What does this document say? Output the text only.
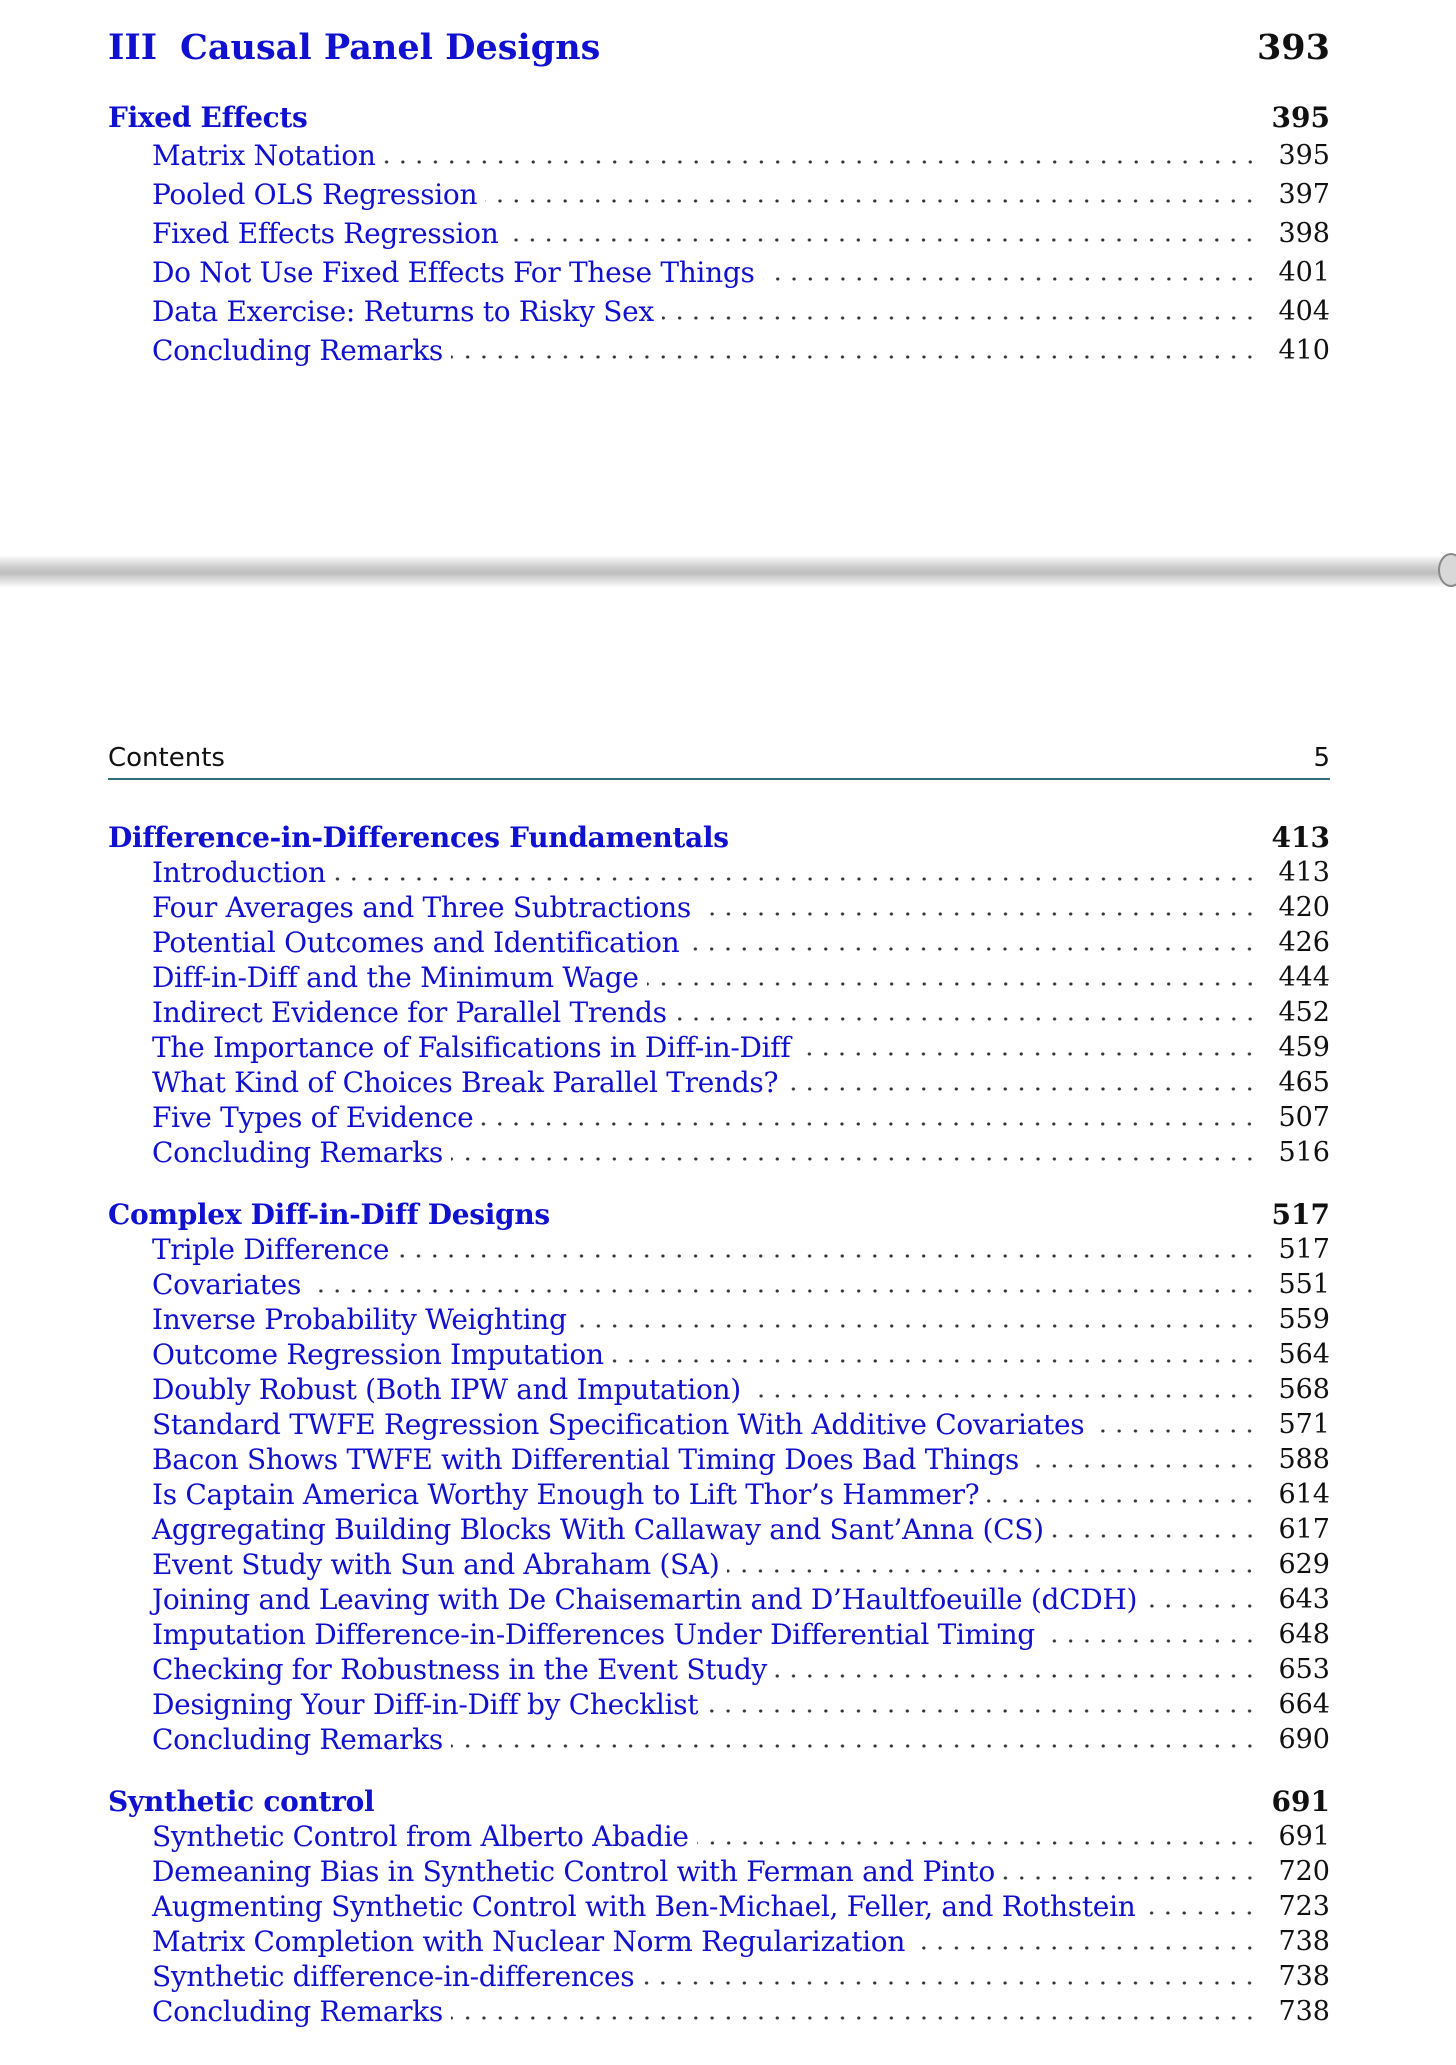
III Causal Panel Designs	393
Fixed Effects	395
Matrix Notation	395
Pooled OLS Regression	397
Fixed Effects Regression	398
Do Not Use Fixed Effects For These Things	401
Data Exercise: Returns to Risky Sex	404
Concluding Remarks	410
Contents	5
Difference-in-Differences Fundamentals	413
Introduction	413
Four Averages and Three Subtractions	420
Potential Outcomes and Identification	426
Diff-in-Diff and the Minimum Wage	444
Indirect Evidence for Parallel Trends	452
The Importance of Falsifications in Diff-in-Diff	459
What Kind of Choices Break Parallel Trends?	465
Five Types of Evidence	507
Concluding Remarks	516
Complex Diff-in-Diff Designs	517
Triple Difference	517
Covariates	551
Inverse Probability Weighting	559
Outcome Regression Imputation	564
Doubly Robust (Both IPW and Imputation)	568
Standard TWFE Regression Specification With Additive Covariates	571
Bacon Shows TWFE with Differential Timing Does Bad Things	588
Is Captain America Worthy Enough to Lift Thor’s Hammer?	614
Aggregating Building Blocks With Callaway and Sant’Anna (CS)	617
Event Study with Sun and Abraham (SA)	629
Joining and Leaving with De Chaisemartin and D’Haultfoeuille (dCDH)	643
Imputation Difference-in-Differences Under Differential Timing	648
Checking for Robustness in the Event Study	653
Designing Your Diff-in-Diff by Checklist	664
Concluding Remarks	690
Synthetic control	691
Synthetic Control from Alberto Abadie	691
Demeaning Bias in Synthetic Control with Ferman and Pinto	720
Augmenting Synthetic Control with Ben-Michael, Feller, and Rothstein	723
Matrix Completion with Nuclear Norm Regularization	738
Synthetic difference-in-differences	738
Concluding Remarks	738
